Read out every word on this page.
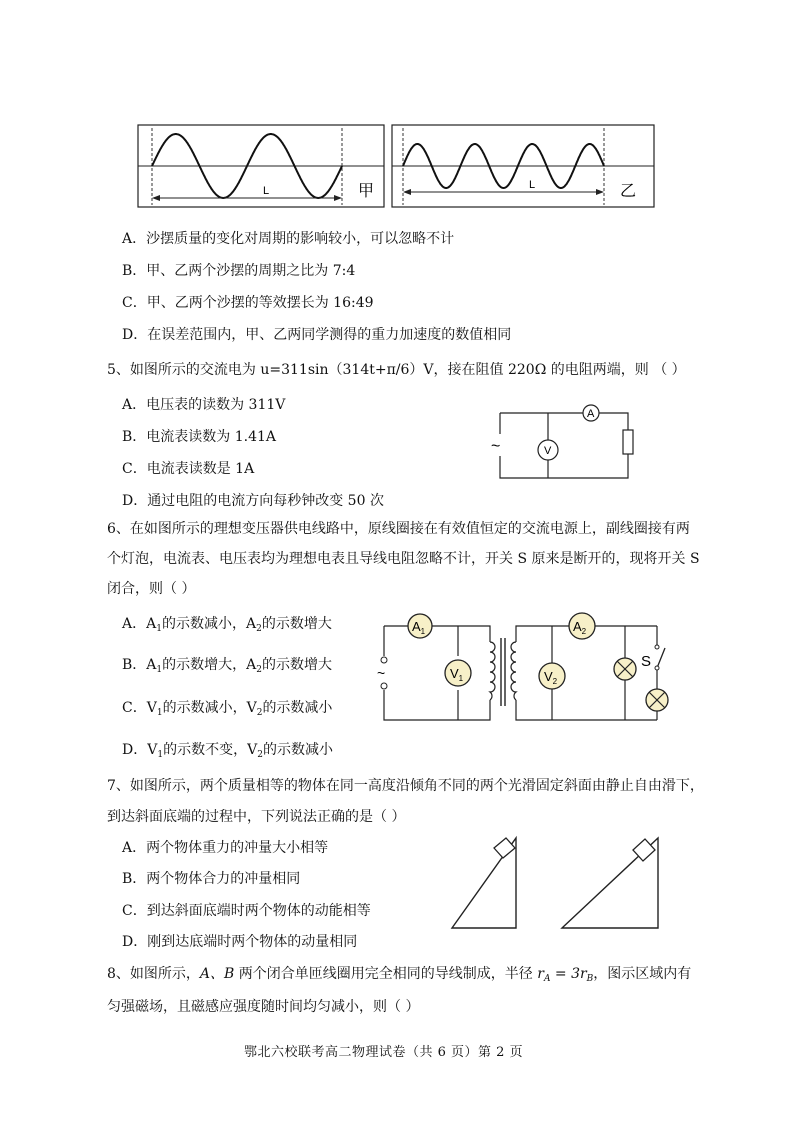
L	甲	L	乙
A．沙摆质量的变化对周期的影响较小，可以忽略不计
B．甲、乙两个沙摆的周期之比为 7:4
C．甲、乙两个沙摆的等效摆长为 16:49
D．在误差范围内，甲、乙两同学测得的重力加速度的数值相同
5、如图所示的交流电为 u=311sin（314t+π/6）V，接在阻值 220Ω 的电阻两端，则 （ ）
A．电压表的读数为 311V
B．电流表读数为 1.41A
C．电流表读数是 1A
D．通过电阻的电流方向每秒钟改变 50 次
~
A
V
6、在如图所示的理想变压器供电线路中，原线圈接在有效值恒定的交流电源上，副线圈接有两
个灯泡，电流表、电压表均为理想电表且导线电阻忽略不计，开关 S 原来是断开的，现将开关 S
闭合，则（ ）
A．$A_1$的示数减小，$A_2$的示数增大
B．$A_1$的示数增大，$A_2$的示数增大
C．$V_1$的示数减小，$V_2$的示数减小
D．$V_1$的示数不变，$V_2$的示数减小
~
$A_1$
$V_1$
$A_2$
$V_2$
S
7、如图所示，两个质量相等的物体在同一高度沿倾角不同的两个光滑固定斜面由静止自由滑下，
到达斜面底端的过程中，下列说法正确的是（ ）
A．两个物体重力的冲量大小相等
B．两个物体合力的冲量相同
C．到达斜面底端时两个物体的动能相等
D．刚到达底端时两个物体的动量相同
8、如图所示，A、B 两个闭合单匝线圈用完全相同的导线制成，半径 $r_A = 3r_B$，图示区域内有
匀强磁场，且磁感应强度随时间均匀减小，则（ ）
鄂北六校联考高二物理试卷（共 6 页）第 2 页
